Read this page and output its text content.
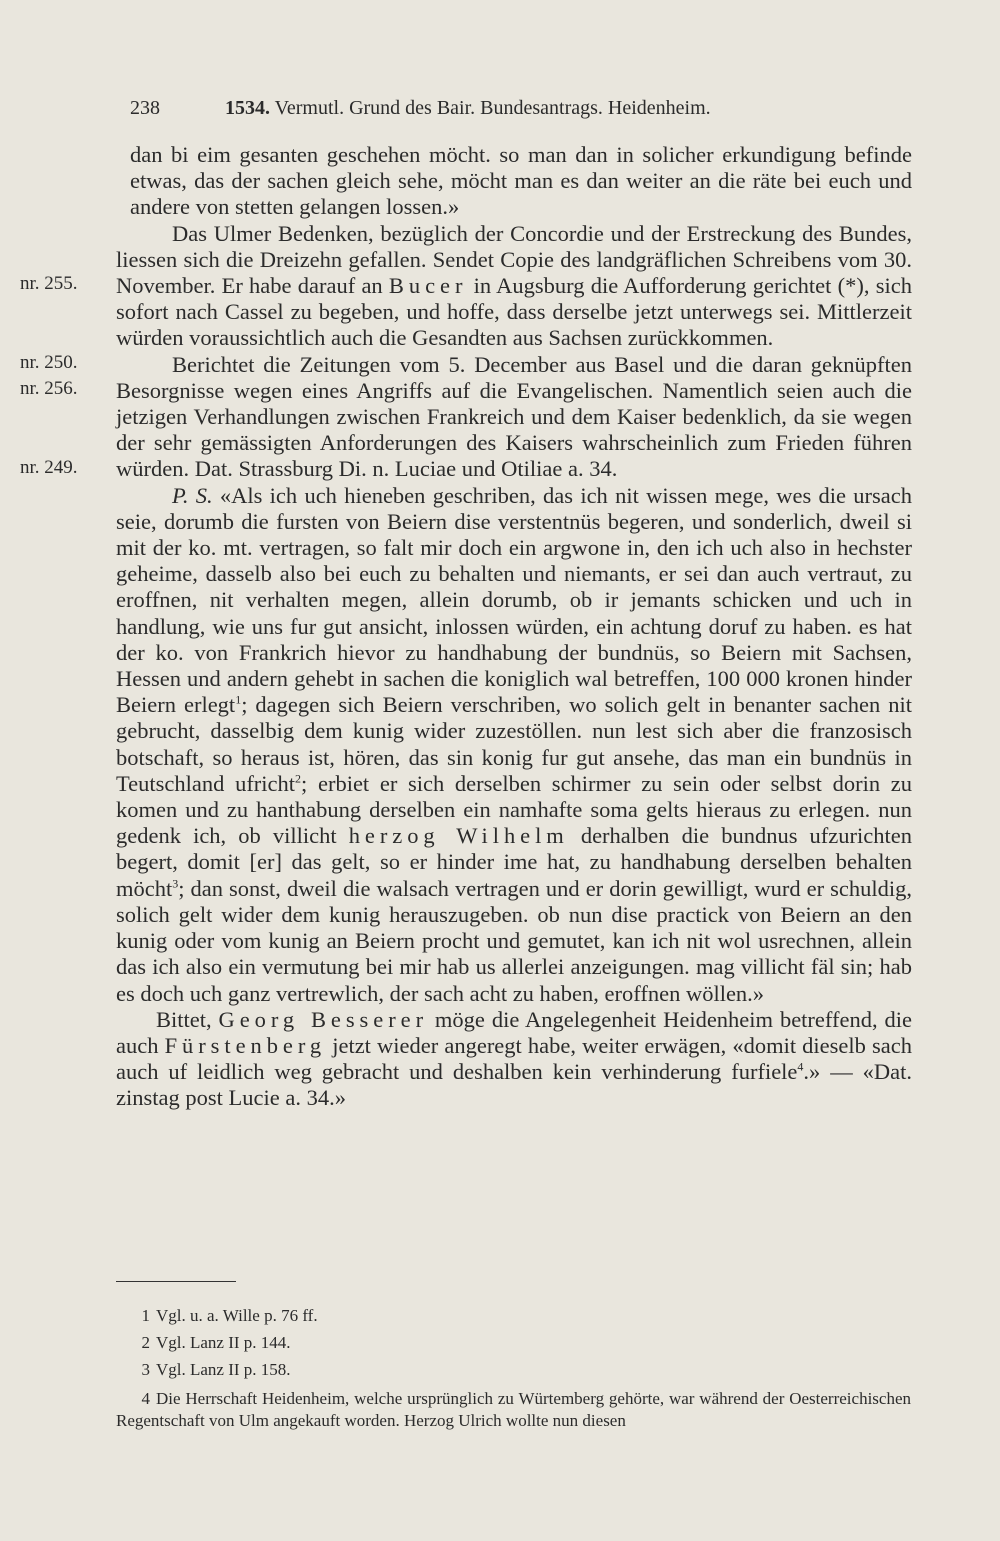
238	1534. Vermutl. Grund des Bair. Bundesantrags. Heidenheim.
nr. 255.
nr. 250.
nr. 256.
nr. 249.

dan bi eim gesanten geschehen möcht. so man dan in solicher erkundigung befinde etwas, das der sachen gleich sehe, möcht man es dan weiter an die räte bei euch und andere von stetten gelangen lossen.»

Das Ulmer Bedenken, bezüglich der Concordie und der Erstreckung des Bundes, liessen sich die Dreizehn gefallen. Sendet Copie des landgräflichen Schreibens vom 30. November. Er habe darauf an Bucer in Augsburg die Aufforderung gerichtet (*), sich sofort nach Cassel zu begeben, und hoffe, dass derselbe jetzt unterwegs sei. Mittlerzeit würden voraussichtlich auch die Gesandten aus Sachsen zurückkommen.

Berichtet die Zeitungen vom 5. December aus Basel und die daran geknüpften Besorgnisse wegen eines Angriffs auf die Evangelischen. Namentlich seien auch die jetzigen Verhandlungen zwischen Frankreich und dem Kaiser bedenklich, da sie wegen der sehr gemässigten Anforderungen des Kaisers wahrscheinlich zum Frieden führen würden. Dat. Strassburg Di. n. Luciae und Otiliae a. 34.

P. S. «Als ich uch hieneben geschriben, das ich nit wissen mege, wes die ursach seie, dorumb die fursten von Beiern dise verstentnüs begeren, und sonderlich, dweil si mit der ko. mt. vertragen, so falt mir doch ein argwone in, den ich uch also in hechster geheime, dasselb also bei euch zu behalten und niemants, er sei dan auch vertraut, zu eroffnen, nit verhalten megen, allein dorumb, ob ir jemants schicken und uch in handlung, wie uns fur gut ansicht, inlossen würden, ein achtung doruf zu haben. es hat der ko. von Frankrich hievor zu handhabung der bundnüs, so Beiern mit Sachsen, Hessen und andern gehebt in sachen die koniglich wal betreffen, 100 000 kronen hinder Beiern erlegt$^1$; dagegen sich Beiern verschriben, wo solich gelt in benanter sachen nit gebrucht, dasselbig dem kunig wider zuzestöllen. nun lest sich aber die franzosisch botschaft, so heraus ist, hören, das sin konig fur gut ansehe, das man ein bundnüs in Teutschland ufricht$^2$; erbiet er sich derselben schirmer zu sein oder selbst dorin zu komen und zu hanthabung derselben ein namhafte soma gelts hieraus zu erlegen. nun gedenk ich, ob villicht herzog Wilhelm derhalben die bundnus ufzurichten begert, domit [er] das gelt, so er hinder ime hat, zu handhabung derselben behalten möcht$^3$; dan sonst, dweil die walsach vertragen und er dorin gewilligt, wurd er schuldig, solich gelt wider dem kunig herauszugeben. ob nun dise practick von Beiern an den kunig oder vom kunig an Beiern procht und gemutet, kan ich nit wol usrechnen, allein das ich also ein vermutung bei mir hab us allerlei anzeigungen. mag villicht fäl sin; hab es doch uch ganz vertrewlich, der sach acht zu haben, eroffnen wöllen.»

Bittet, Georg Besserer möge die Angelegenheit Heidenheim betreffend, die auch Fürstenberg jetzt wieder angeregt habe, weiter erwägen, «domit dieselb sach auch uf leidlich weg gebracht und deshalben kein verhinderung furfiele$^4$.» — «Dat. zinstag post Lucie a. 34.»

1 Vgl. u. a. Wille p. 76 ff.
2 Vgl. Lanz II p. 144.
3 Vgl. Lanz II p. 158.
4 Die Herrschaft Heidenheim, welche ursprünglich zu Würtemberg gehörte, war während der Oesterreichischen Regentschaft von Ulm angekauft worden. Herzog Ulrich wollte nun diesen
